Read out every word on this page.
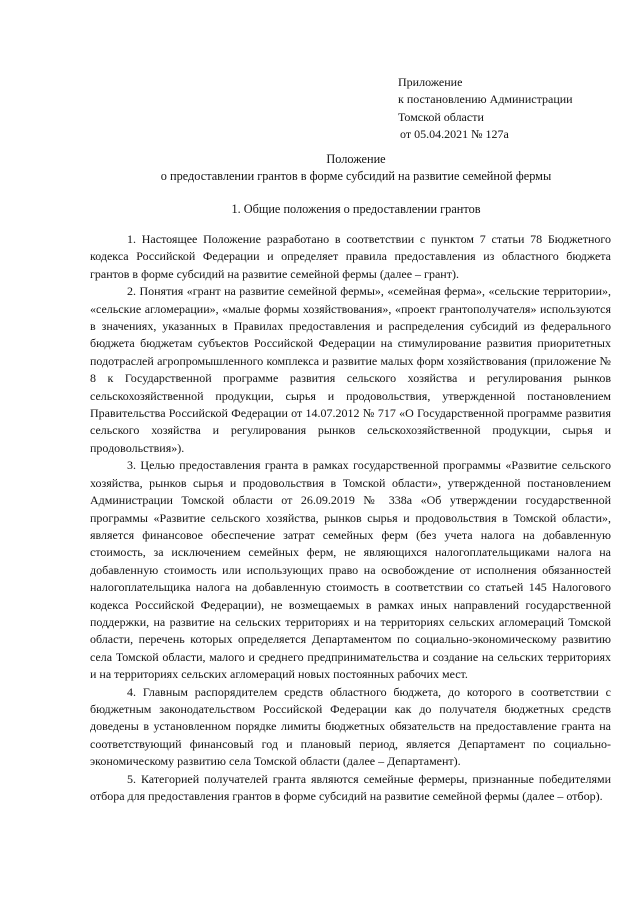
Приложение
к постановлению Администрации
Томской области
от 05.04.2021 № 127а
Положение
о предоставлении грантов в форме субсидий на развитие семейной фермы
1. Общие положения о предоставлении грантов

1. Настоящее Положение разработано в соответствии с пунктом 7 статьи 78 Бюджетного кодекса Российской Федерации и определяет правила предоставления из областного бюджета грантов в форме субсидий на развитие семейной фермы (далее – грант).

2. Понятия «грант на развитие семейной фермы», «семейная ферма», «сельские территории», «сельские агломерации», «малые формы хозяйствования», «проект грантополучателя» используются в значениях, указанных в Правилах предоставления и распределения субсидий из федерального бюджета бюджетам субъектов Российской Федерации на стимулирование развития приоритетных подотраслей агропромышленного комплекса и развитие малых форм хозяйствования (приложение № 8 к Государственной программе развития сельского хозяйства и регулирования рынков сельскохозяйственной продукции, сырья и продовольствия, утвержденной постановлением Правительства Российской Федерации от 14.07.2012 № 717 «О Государственной программе развития сельского хозяйства и регулирования рынков сельскохозяйственной продукции, сырья и продовольствия»).

3. Целью предоставления гранта в рамках государственной программы «Развитие сельского хозяйства, рынков сырья и продовольствия в Томской области», утвержденной постановлением Администрации Томской области от 26.09.2019 № 338а «Об утверждении государственной программы «Развитие сельского хозяйства, рынков сырья и продовольствия в Томской области», является финансовое обеспечение затрат семейных ферм (без учета налога на добавленную стоимость, за исключением семейных ферм, не являющихся налогоплательщиками налога на добавленную стоимость или использующих право на освобождение от исполнения обязанностей налогоплательщика налога на добавленную стоимость в соответствии со статьей 145 Налогового кодекса Российской Федерации), не возмещаемых в рамках иных направлений государственной поддержки, на развитие на сельских территориях и на территориях сельских агломераций Томской области, перечень которых определяется Департаментом по социально-экономическому развитию села Томской области, малого и среднего предпринимательства и создание на сельских территориях и на территориях сельских агломераций новых постоянных рабочих мест.

4. Главным распорядителем средств областного бюджета, до которого в соответствии с бюджетным законодательством Российской Федерации как до получателя бюджетных средств доведены в установленном порядке лимиты бюджетных обязательств на предоставление гранта на соответствующий финансовый год и плановый период, является Департамент по социально-экономическому развитию села Томской области (далее – Департамент).

5. Категорией получателей гранта являются семейные фермеры, признанные победителями отбора для предоставления грантов в форме субсидий на развитие семейной фермы (далее – отбор).
